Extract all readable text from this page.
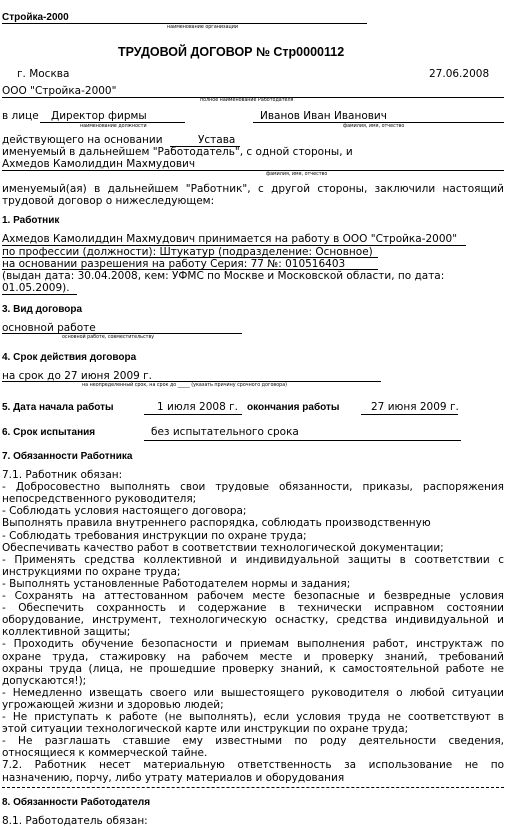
Стройка-2000
наименование организации
ТРУДОВОЙ ДОГОВОР № Стр0000112
г. Москва	27.06.2008
ООО "Стройка-2000"
полное наименование Работодателя
в лице Директор фирмы
наименование должности
Иванов Иван Иванович
фамилия, имя, отчество
действующего на основании	Устава
именуемый в дальнейшем "Работодатель", с одной стороны, и
Ахмедов Камолиддин Махмудович
фамилия, имя, отчество
именуемый(ая) в дальнейшем "Работник", с другой стороны, заключили настоящий
трудовой договор о нижеследующем:
1. Работник
Ахмедов Камолиддин Махмудович принимается на работу в ООО "Стройка-2000"
по профессии (должности): Штукатур (подразделение: Основное)
на основании разрешения на работу Серия: 77 №: 010516403
(выдан дата: 30.04.2008, кем: УФМС по Москве и Московской области, по дата:
01.05.2009).
3. Вид договора
основной работе
основной работе, совместительству
4. Срок действия договора
на срок до 27 июня 2009 г.
на неопределенный срок, на срок до _____ (указать причину срочного договора)
5. Дата начала работы	1 июля 2008 г. окончания работы	27 июня 2009 г.
6. Срок испытания	без испытательного срока
7. Обязанности Работника
7.1. Работник обязан:
- Добросовестно выполнять свои трудовые обязанности, приказы, распоряжения
непосредственного руководителя;
- Соблюдать условия настоящего договора;
Выполнять правила внутреннего распорядка, соблюдать производственную
- Соблюдать требования инструкции по охране труда;
Обеспечивать качество работ в соответствии технологической документации;
- Применять средства коллективной и индивидуальной защиты в соответствии с
инструкциями по охране труда;
- Выполнять установленные Работодателем нормы и задания;
- Сохранять на аттестованном рабочем месте безопасные и безвредные условия
- Обеспечить сохранность и содержание в технически исправном состоянии
оборудование, инструмент, технологическую оснастку, средства индивидуальной и
коллективной защиты;
- Проходить обучение безопасности и приемам выполнения работ, инструктаж по
охране труда, стажировку на рабочем месте и проверку знаний, требований
охраны труда (лица, не прошедшие проверку знаний, к самостоятельной работе не
допускаются!);
- Немедленно извещать своего или вышестоящего руководителя о любой ситуации
угрожающей жизни и здоровью людей;
- Не приступать к работе (не выполнять), если условия труда не соответствуют в
этой ситуации технологической карте или инструкции по охране труда;
- Не разглашать ставшие ему известными по роду деятельности сведения,
относящиеся к коммерческой тайне.
7.2. Работник несет материальную ответственность за использование не по
назначению, порчу, либо утрату материалов и оборудования
8. Обязанности Работодателя
8.1. Работодатель обязан:
